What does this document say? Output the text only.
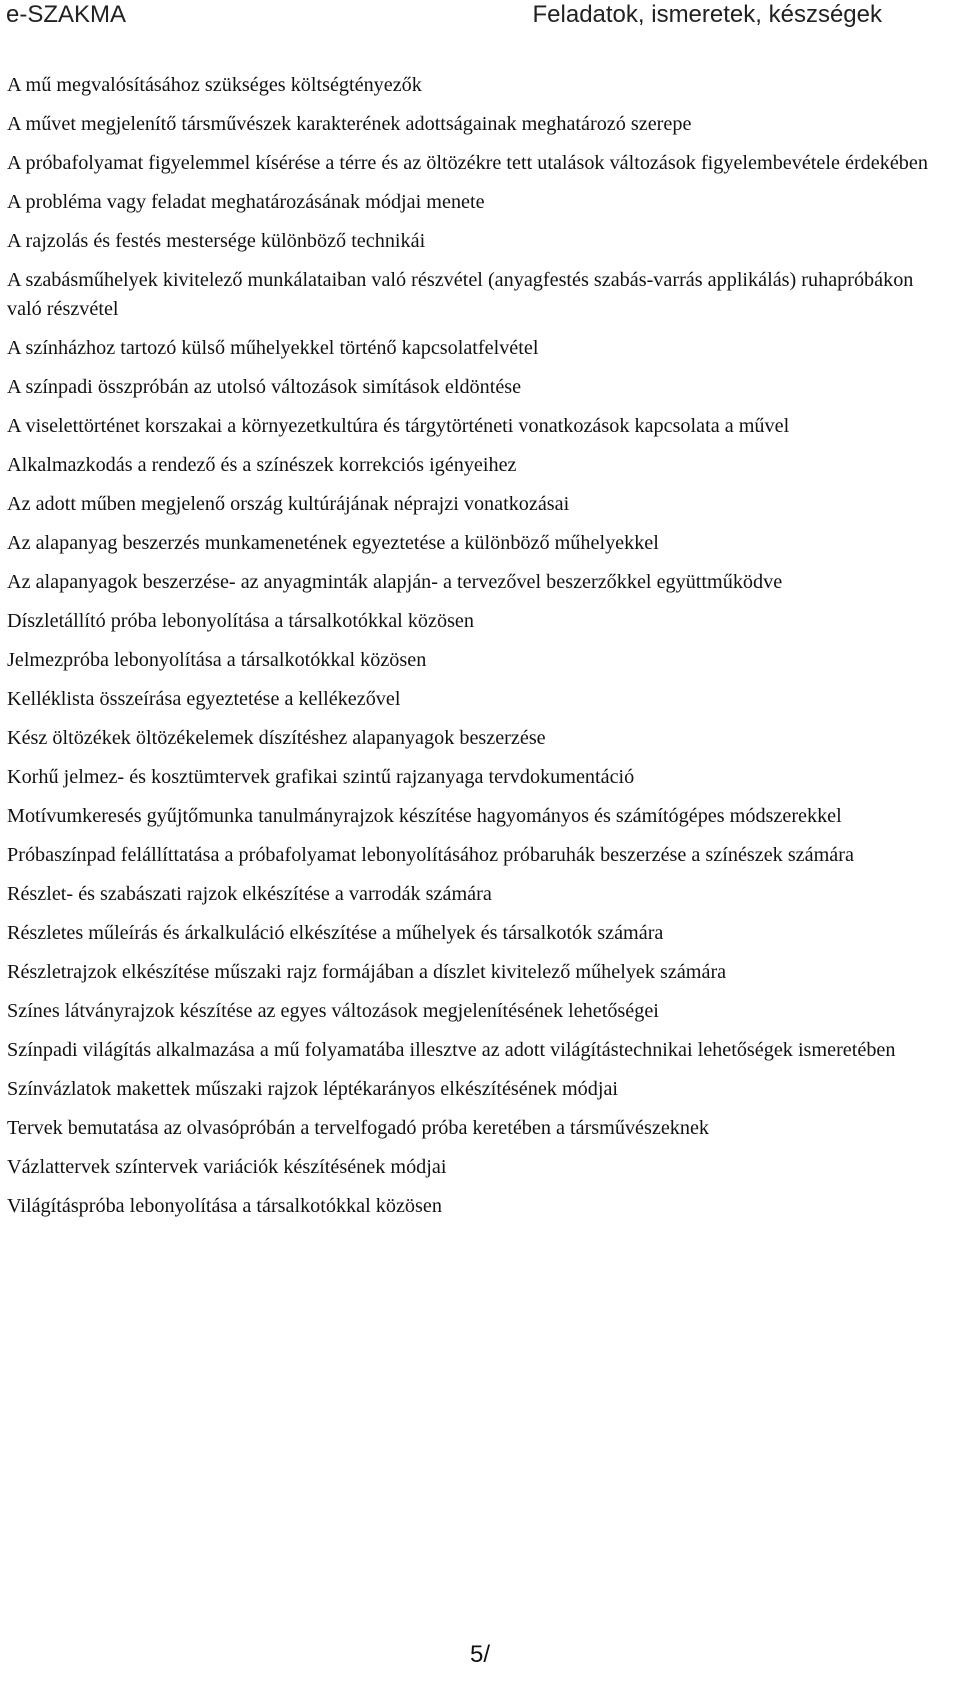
e-SZAKMA	Feladatok, ismeretek, készségek
A mű megvalósításához szükséges költségtényezők
A művet megjelenítő társművészek karakterének adottságainak meghatározó szerepe
A próbafolyamat figyelemmel kísérése a térre és az öltözékre tett utalások változások figyelembevétele érdekében
A probléma vagy feladat meghatározásának módjai menete
A rajzolás és festés mestersége különböző technikái
A szabásműhelyek kivitelező munkálataiban való részvétel (anyagfestés szabás-varrás applikálás) ruhapróbákon való részvétel
A színházhoz tartozó külső műhelyekkel történő kapcsolatfelvétel
A színpadi összpróbán az utolsó változások simítások eldöntése
A viselettörténet korszakai a környezetkultúra és tárgytörténeti vonatkozások kapcsolata a művel
Alkalmazkodás a rendező és a színészek korrekciós igényeihez
Az adott műben megjelenő ország kultúrájának néprajzi vonatkozásai
Az alapanyag beszerzés munkamenetének egyeztetése a különböző műhelyekkel
Az alapanyagok beszerzése- az anyagminták alapján- a tervezővel beszerzőkkel együttműködve
Díszletállító próba lebonyolítása a társalkotókkal közösen
Jelmezpróba lebonyolítása a társalkotókkal közösen
Kelléklista összeírása egyeztetése a kellékezővel
Kész öltözékek öltözékelemek díszítéshez alapanyagok beszerzése
Korhű jelmez- és kosztümtervek grafikai szintű rajzanyaga tervdokumentáció
Motívumkeresés gyűjtőmunka tanulmányrajzok készítése hagyományos és számítógépes módszerekkel
Próbaszínpad felállíttatása a próbafolyamat lebonyolításához próbaruhák beszerzése a színészek számára
Részlet- és szabászati rajzok elkészítése a varrodák számára
Részletes műleírás és árkalkuláció elkészítése a műhelyek és társalkotók számára
Részletrajzok elkészítése műszaki rajz formájában a díszlet kivitelező műhelyek számára
Színes látványrajzok készítése az egyes változások megjelenítésének lehetőségei
Színpadi világítás alkalmazása a mű folyamatába illesztve az adott világítástechnikai lehetőségek ismeretében
Színvázlatok makettek műszaki rajzok léptékarányos elkészítésének módjai
Tervek bemutatása az olvasópróbán a tervelfogadó próba keretében a társművészeknek
Vázlattervek színtervek variációk készítésének módjai
Világításpróba lebonyolítása a társalkotókkal közösen
5/
